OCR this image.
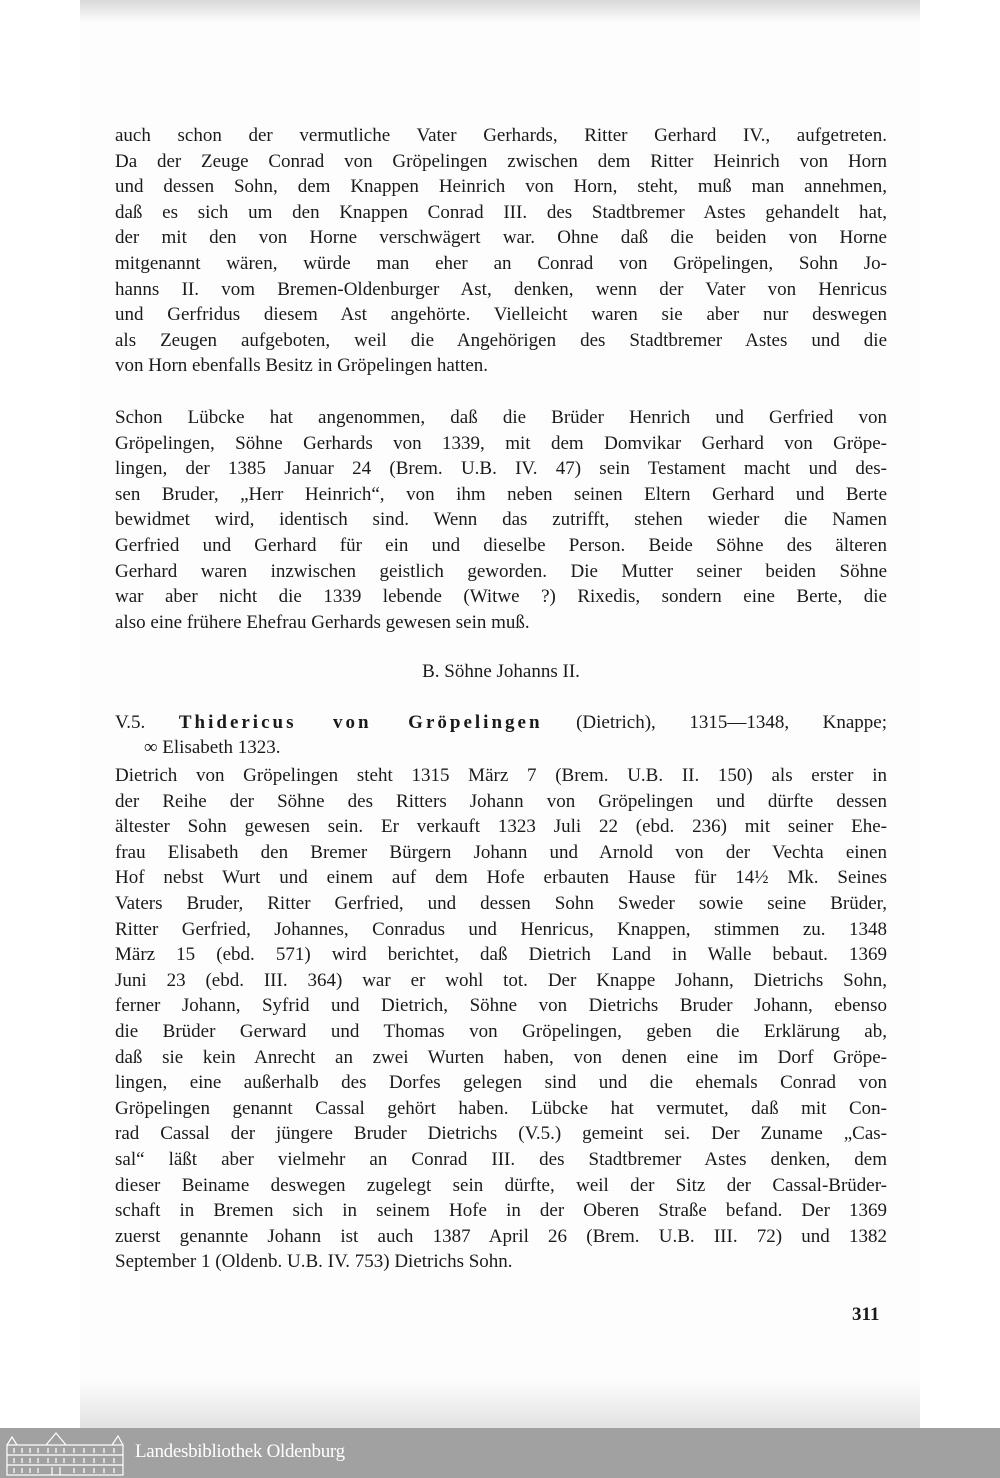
auch schon der vermutliche Vater Gerhards, Ritter Gerhard IV., aufgetreten.
Da der Zeuge Conrad von Gröpelingen zwischen dem Ritter Heinrich von Horn
und dessen Sohn, dem Knappen Heinrich von Horn, steht, muß man annehmen,
daß es sich um den Knappen Conrad III. des Stadtbremer Astes gehandelt hat,
der mit den von Horne verschwägert war. Ohne daß die beiden von Horne
mitgenannt wären, würde man eher an Conrad von Gröpelingen, Sohn Jo-
hanns II. vom Bremen-Oldenburger Ast, denken, wenn der Vater von Henricus
und Gerfridus diesem Ast angehörte. Vielleicht waren sie aber nur deswegen
als Zeugen aufgeboten, weil die Angehörigen des Stadtbremer Astes und die
von Horn ebenfalls Besitz in Gröpelingen hatten.
Schon Lübcke hat angenommen, daß die Brüder Henrich und Gerfried von
Gröpelingen, Söhne Gerhards von 1339, mit dem Domvikar Gerhard von Gröpe-
lingen, der 1385 Januar 24 (Brem. U.B. IV. 47) sein Testament macht und des-
sen Bruder, „Herr Heinrich“, von ihm neben seinen Eltern Gerhard und Berte
bewidmet wird, identisch sind. Wenn das zutrifft, stehen wieder die Namen
Gerfried und Gerhard für ein und dieselbe Person. Beide Söhne des älteren
Gerhard waren inzwischen geistlich geworden. Die Mutter seiner beiden Söhne
war aber nicht die 1339 lebende (Witwe ?) Rixedis, sondern eine Berte, die
also eine frühere Ehefrau Gerhards gewesen sein muß.
B. Söhne Johanns II.
V.5. Thidericus von Gröpelingen (Dietrich), 1315—1348, Knappe;
∞ Elisabeth 1323.
Dietrich von Gröpelingen steht 1315 März 7 (Brem. U.B. II. 150) als erster in
der Reihe der Söhne des Ritters Johann von Gröpelingen und dürfte dessen
ältester Sohn gewesen sein. Er verkauft 1323 Juli 22 (ebd. 236) mit seiner Ehe-
frau Elisabeth den Bremer Bürgern Johann und Arnold von der Vechta einen
Hof nebst Wurt und einem auf dem Hofe erbauten Hause für 14½ Mk. Seines
Vaters Bruder, Ritter Gerfried, und dessen Sohn Sweder sowie seine Brüder,
Ritter Gerfried, Johannes, Conradus und Henricus, Knappen, stimmen zu. 1348
März 15 (ebd. 571) wird berichtet, daß Dietrich Land in Walle bebaut. 1369
Juni 23 (ebd. III. 364) war er wohl tot. Der Knappe Johann, Dietrichs Sohn,
ferner Johann, Syfrid und Dietrich, Söhne von Dietrichs Bruder Johann, ebenso
die Brüder Gerward und Thomas von Gröpelingen, geben die Erklärung ab,
daß sie kein Anrecht an zwei Wurten haben, von denen eine im Dorf Gröpe-
lingen, eine außerhalb des Dorfes gelegen sind und die ehemals Conrad von
Gröpelingen genannt Cassal gehört haben. Lübcke hat vermutet, daß mit Con-
rad Cassal der jüngere Bruder Dietrichs (V.5.) gemeint sei. Der Zuname „Cas-
sal“ läßt aber vielmehr an Conrad III. des Stadtbremer Astes denken, dem
dieser Beiname deswegen zugelegt sein dürfte, weil der Sitz der Cassal-Brüder-
schaft in Bremen sich in seinem Hofe in der Oberen Straße befand. Der 1369
zuerst genannte Johann ist auch 1387 April 26 (Brem. U.B. III. 72) und 1382
September 1 (Oldenb. U.B. IV. 753) Dietrichs Sohn.
311
Landesbibliothek Oldenburg
